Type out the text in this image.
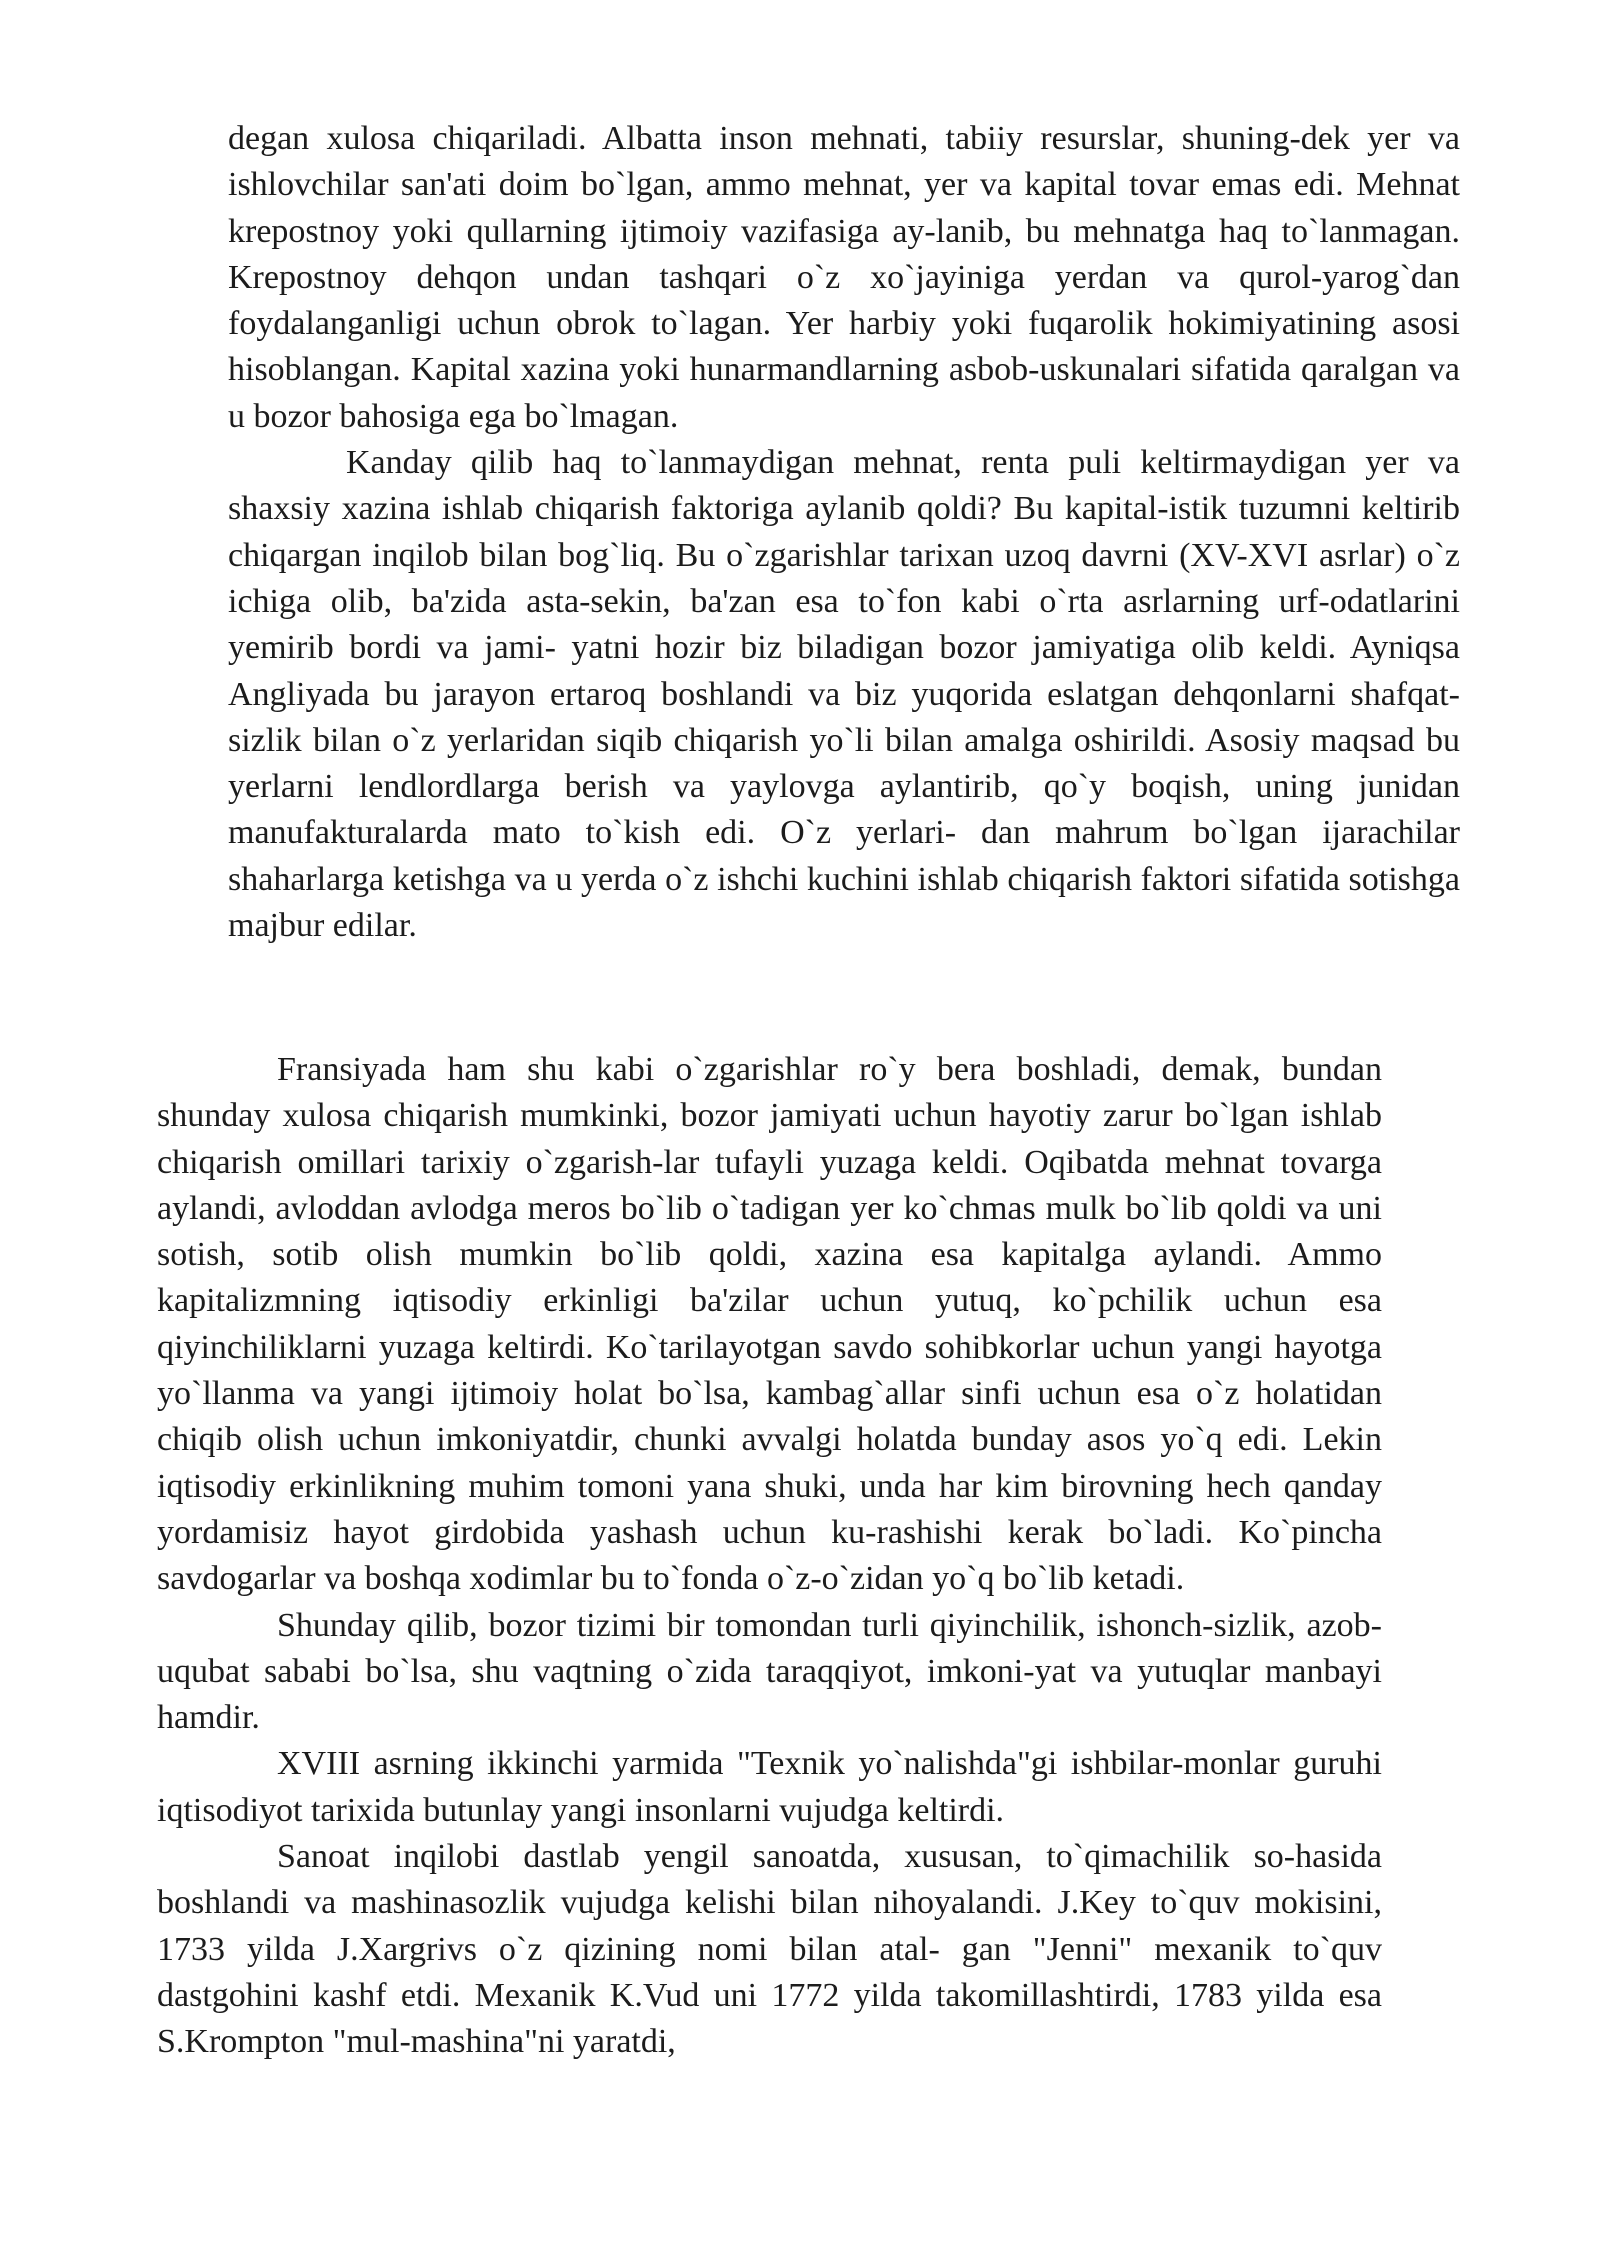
degan xulosa chiqariladi. Albatta inson mehnati, tabiiy resurslar, shuning-dek yer va ishlovchilar san'ati doim bo`lgan, ammo mehnat, yer va kapital tovar emas edi. Mehnat krepostnoy yoki qullarning ijtimoiy vazifasiga ay-lanib, bu mehnatga haq to`lanmagan. Krepostnoy dehqon undan tashqari o`z xo`jayiniga yerdan va qurol-yarog`dan foydalanganligi uchun obrok to`lagan. Yer harbiy yoki fuqarolik hokimiyatining asosi hisoblangan. Kapital xazina yoki hunarmandlarning asbob-uskunalari sifatida qaralgan va u bozor bahosiga ega bo`lmagan.

Kanday qilib haq to`lanmaydigan mehnat, renta puli keltirmaydigan yer va shaxsiy xazina ishlab chiqarish faktoriga aylanib qoldi? Bu kapital-istik tuzumni keltirib chiqargan inqilob bilan bog`liq. Bu o`zgarishlar tarixan uzoq davrni (XV-XVI asrlar) o`z ichiga olib, ba'zida asta-sekin, ba'zan esa to`fon kabi o`rta asrlarning urf-odatlarini yemirib bordi va jami- yatni hozir biz biladigan bozor jamiyatiga olib keldi. Ayniqsa Angliyada bu jarayon ertaroq boshlandi va biz yuqorida eslatgan dehqonlarni shafqat- sizlik bilan o`z yerlaridan siqib chiqarish yo`li bilan amalga oshirildi. Asosiy maqsad bu yerlarni lendlordlarga berish va yaylovga aylantirib, qo`y boqish, uning junidan manufakturalarda mato to`kish edi. O`z yerlari- dan mahrum bo`lgan ijarachilar shaharlarga ketishga va u yerda o`z ishchi kuchini ishlab chiqarish faktori sifatida sotishga majbur edilar.

Fransiyada ham shu kabi o`zgarishlar ro`y bera boshladi, demak, bundan shunday xulosa chiqarish mumkinki, bozor jamiyati uchun hayotiy zarur bo`lgan ishlab chiqarish omillari tarixiy o`zgarish-lar tufayli yuzaga keldi. Oqibatda mehnat tovarga aylandi, avloddan avlodga meros bo`lib o`tadigan yer ko`chmas mulk bo`lib qoldi va uni sotish, sotib olish mumkin bo`lib qoldi, xazina esa kapitalga aylandi. Ammo kapitalizmning iqtisodiy erkinligi ba'zilar uchun yutuq, ko`pchilik uchun esa qiyinchiliklarni yuzaga keltirdi. Ko`tarilayotgan savdo sohibkorlar uchun yangi hayotga yo`llanma va yangi ijtimoiy holat bo`lsa, kambag`allar sinfi uchun esa o`z holatidan chiqib olish uchun imkoniyatdir, chunki avvalgi holatda bunday asos yo`q edi. Lekin iqtisodiy erkinlikning muhim tomoni yana shuki, unda har kim birovning hech qanday yordamisiz hayot girdobida yashash uchun ku-rashishi kerak bo`ladi. Ko`pincha savdogarlar va boshqa xodimlar bu to`fonda o`z-o`zidan yo`q bo`lib ketadi.

Shunday qilib, bozor tizimi bir tomondan turli qiyinchilik, ishonch-sizlik, azob-uqubat sababi bo`lsa, shu vaqtning o`zida taraqqiyot, imkoni-yat va yutuqlar manbayi hamdir.

XVIII asrning ikkinchi yarmida "Texnik yo`nalishda"gi ishbilar-monlar guruhi iqtisodiyot tarixida butunlay yangi insonlarni vujudga keltirdi.

Sanoat inqilobi dastlab yengil sanoatda, xususan, to`qimachilik so-hasida boshlandi va mashinasozlik vujudga kelishi bilan nihoyalandi. J.Key to`quv mokisini, 1733 yilda J.Xargrivs o`z qizining nomi bilan atal- gan "Jenni" mexanik to`quv dastgohini kashf etdi. Mexanik K.Vud uni 1772 yilda takomillashtirdi, 1783 yilda esa S.Krompton "mul-mashina"ni yaratdi,
